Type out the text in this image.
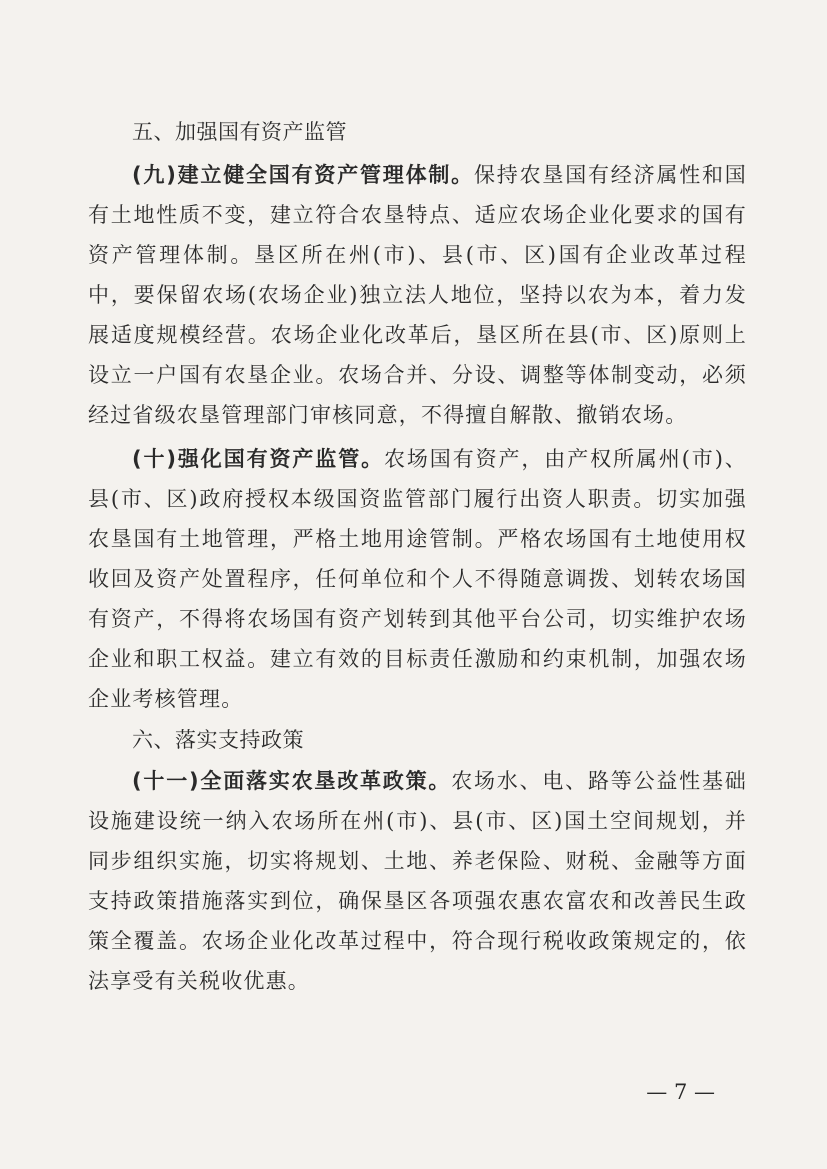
五、加强国有资产监管

(九)建立健全国有资产管理体制。保持农垦国有经济属性和国有土地性质不变，建立符合农垦特点、适应农场企业化要求的国有资产管理体制。垦区所在州(市)、县(市、区)国有企业改革过程中，要保留农场(农场企业)独立法人地位，坚持以农为本，着力发展适度规模经营。农场企业化改革后，垦区所在县(市、区)原则上设立一户国有农垦企业。农场合并、分设、调整等体制变动，必须经过省级农垦管理部门审核同意，不得擅自解散、撤销农场。

(十)强化国有资产监管。农场国有资产，由产权所属州(市)、县(市、区)政府授权本级国资监管部门履行出资人职责。切实加强农垦国有土地管理，严格土地用途管制。严格农场国有土地使用权收回及资产处置程序，任何单位和个人不得随意调拨、划转农场国有资产，不得将农场国有资产划转到其他平台公司，切实维护农场企业和职工权益。建立有效的目标责任激励和约束机制，加强农场企业考核管理。

六、落实支持政策

(十一)全面落实农垦改革政策。农场水、电、路等公益性基础设施建设统一纳入农场所在州(市)、县(市、区)国土空间规划，并同步组织实施，切实将规划、土地、养老保险、财税、金融等方面支持政策措施落实到位，确保垦区各项强农惠农富农和改善民生政策全覆盖。农场企业化改革过程中，符合现行税收政策规定的，依法享受有关税收优惠。

— 7 —
